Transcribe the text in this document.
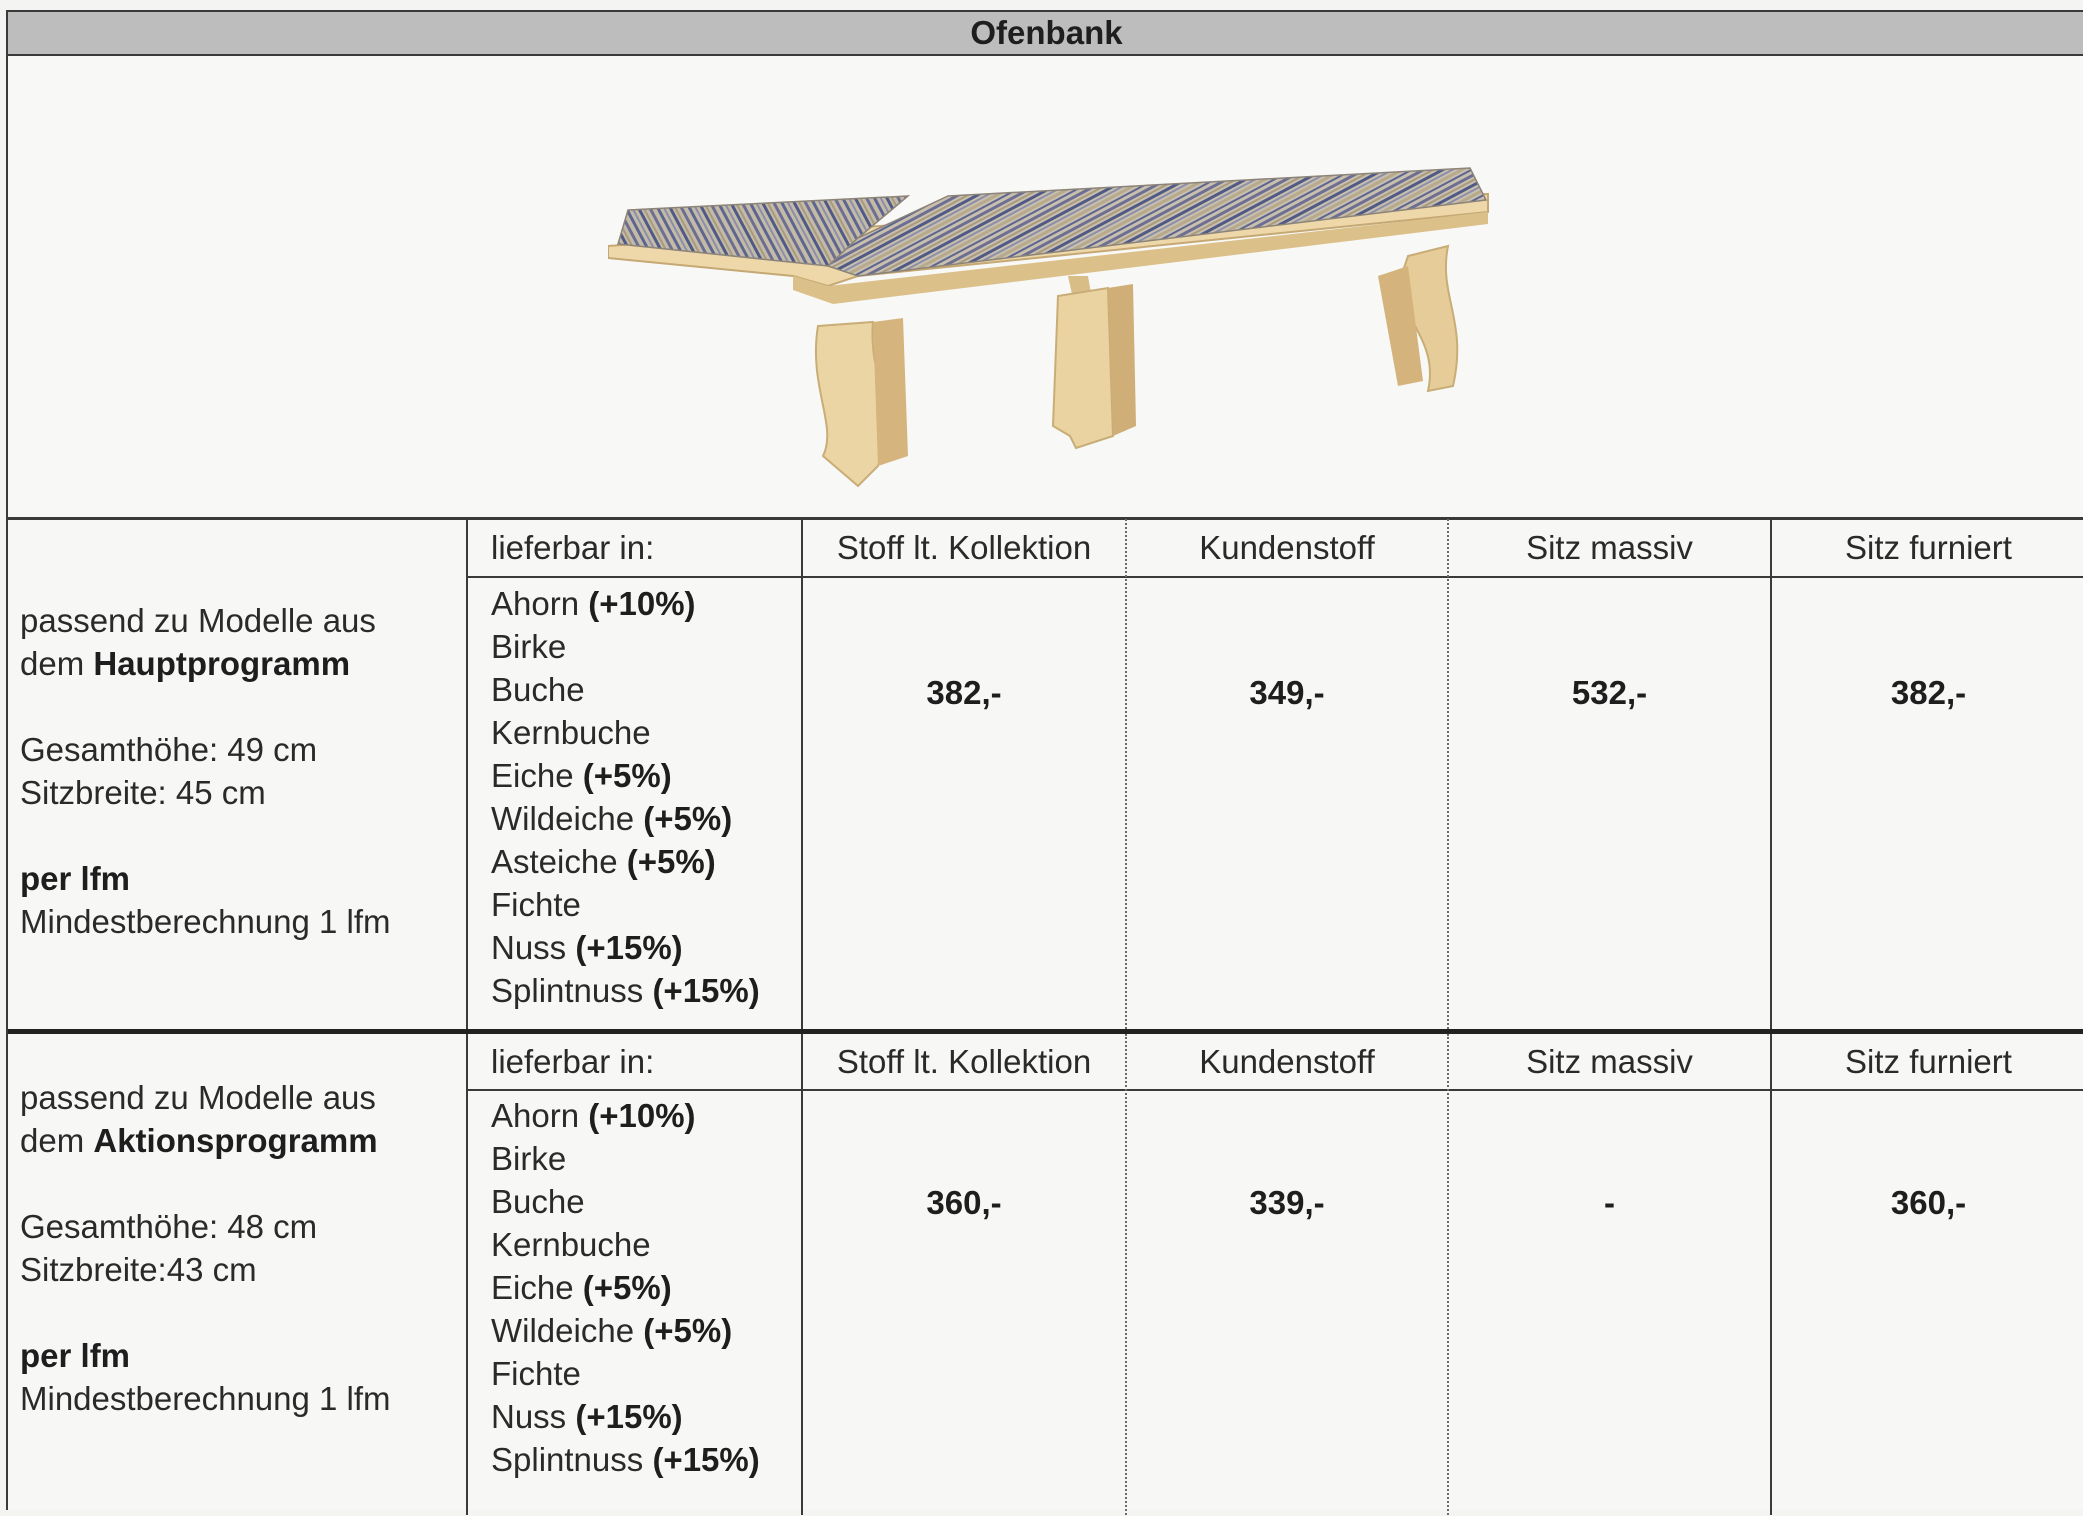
Ofenbank
passend zu Modelle aus
dem Hauptprogramm
Gesamthöhe: 49 cm
Sitzbreite: 45 cm
per lfm
Mindestberechnung 1 lfm
lieferbar in:	Stoff lt. Kollektion	Kundenstoff	Sitz massiv	Sitz furniert
Ahorn (+10%)
Birke
Buche
Kernbuche
Eiche (+5%)
Wildeiche (+5%)
Asteiche (+5%)
Fichte
Nuss (+15%)
Splintnuss (+15%)
382,-	349,-	532,-	382,-
passend zu Modelle aus
dem Aktionsprogramm
Gesamthöhe: 48 cm
Sitzbreite:43 cm
per lfm
Mindestberechnung 1 lfm
lieferbar in:	Stoff lt. Kollektion	Kundenstoff	Sitz massiv	Sitz furniert
Ahorn (+10%)
Birke
Buche
Kernbuche
Eiche (+5%)
Wildeiche (+5%)
Fichte
Nuss (+15%)
Splintnuss (+15%)
360,-	339,-	-	360,-
